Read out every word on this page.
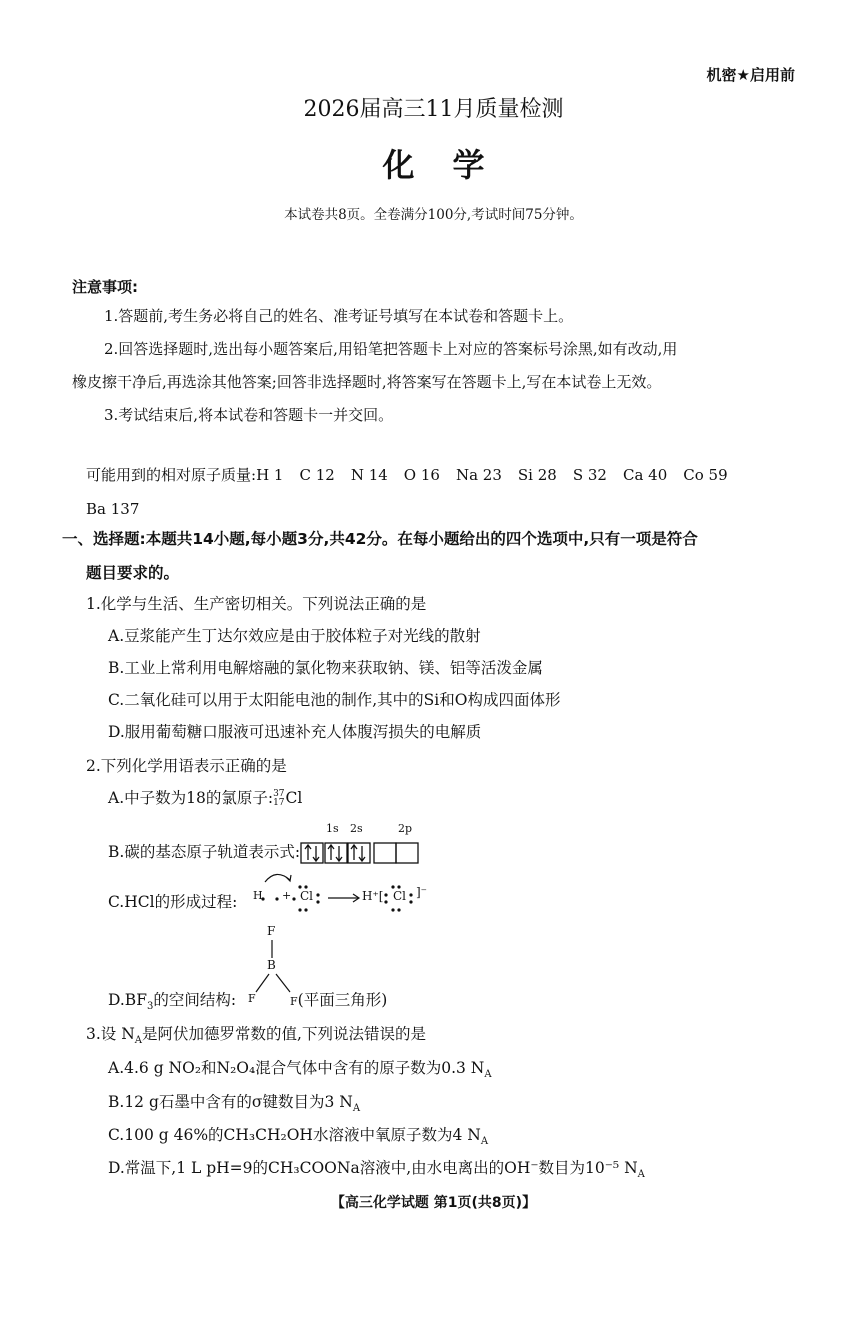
机密★启用前
2026届高三11月质量检测
化学
本试卷共8页。全卷满分100分,考试时间75分钟。
注意事项:
1.答题前,考生务必将自己的姓名、准考证号填写在本试卷和答题卡上。
2.回答选择题时,选出每小题答案后,用铅笔把答题卡上对应的答案标号涂黑,如有改动,用
橡皮擦干净后,再选涂其他答案;回答非选择题时,将答案写在答题卡上,写在本试卷上无效。
3.考试结束后,将本试卷和答题卡一并交回。
可能用到的相对原子质量:H 1 C 12 N 14 O 16 Na 23 Si 28 S 32 Ca 40 Co 59
Ba 137
一、选择题:本题共14小题,每小题3分,共42分。在每小题给出的四个选项中,只有一项是符合
题目要求的。
1.化学与生活、生产密切相关。下列说法正确的是
A.豆浆能产生丁达尔效应是由于胶体粒子对光线的散射
B.工业上常利用电解熔融的氯化物来获取钠、镁、铝等活泼金属
C.二氧化硅可以用于太阳能电池的制作,其中的Si和O构成四面体形
D.服用葡萄糖口服液可迅速补充人体腹泻损失的电解质
2.下列化学用语表示正确的是
A.中子数为18的氯原子:37
17Cl
B.碳的基态原子轨道表示式:
1s 2s	2p
C.HCl的形成过程: H + Cl	H⁺[ Cl ]⁻
F
B
$D.BF_3$的空间结构: F	F(平面三角形)
3.设 $N_A$是阿伏加德罗常数的值,下列说法错误的是
A.4.6 g NO₂和N₂O₄混合气体中含有的原子数为0.3 $N_A$
B.12 g石墨中含有的σ键数目为3 $N_A$
C.100 g 46%的CH₃CH₂OH水溶液中氧原子数为4 $N_A$
D.常温下,1 L pH=9的CH₃COONa溶液中,由水电离出的OH⁻数目为10⁻⁵ $N_A$
【高三化学试题 第1页(共8页)】
